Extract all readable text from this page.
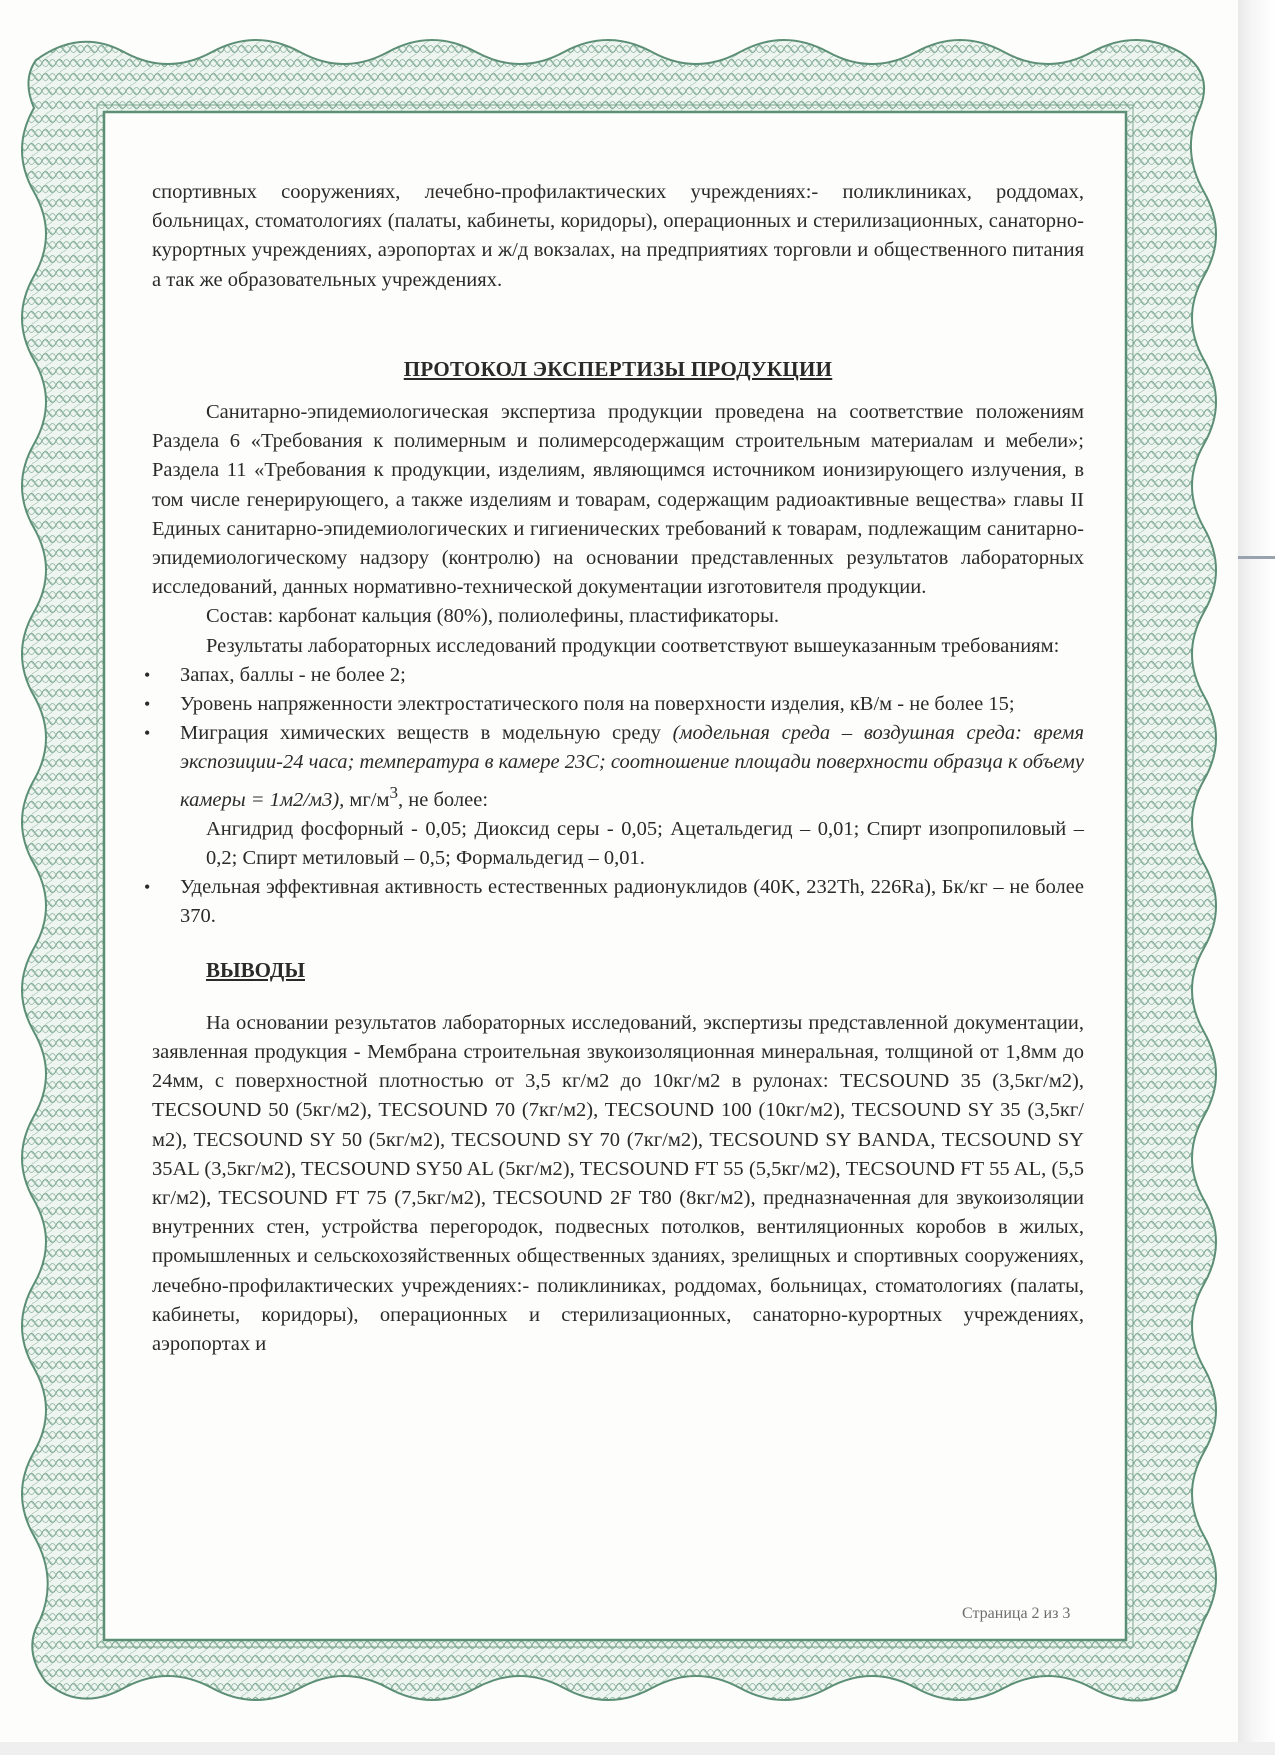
спортивных сооружениях, лечебно-профилактических учреждениях:- поликлиниках, роддомах, больницах, стоматологиях (палаты, кабинеты, коридоры), операционных и стерилизационных, санаторно-курортных учреждениях, аэропортах и ж/д вокзалах, на предприятиях торговли и общественного питания а так же образовательных учреждениях.

ПРОТОКОЛ ЭКСПЕРТИЗЫ ПРОДУКЦИИ

Санитарно-эпидемиологическая экспертиза продукции проведена на соответствие положениям Раздела 6 «Требования к полимерным и полимерсодержащим строительным материалам и мебели»; Раздела 11 «Требования к продукции, изделиям, являющимся источником ионизирующего излучения, в том числе генерирующего, а также изделиям и товарам, содержащим радиоактивные вещества» главы II Единых санитарно-эпидемиологических и гигиенических требований к товарам, подлежащим санитарно-эпидемиологическому надзору (контролю) на основании представленных результатов лабораторных исследований, данных нормативно-технической документации изготовителя продукции.

Состав: карбонат кальция (80%), полиолефины, пластификаторы.

Результаты лабораторных исследований продукции соответствуют вышеуказанным требованиям:

• Запах, баллы - не более 2;
• Уровень напряженности электростатического поля на поверхности изделия, кВ/м - не более 15;
• Миграция химических веществ в модельную среду (модельная среда – воздушная среда: время экспозиции-24 часа; температура в камере 23С; соотношение площади поверхности образца к объему камеры = 1м2/м3), $мг/м^3$, не более:

Ангидрид фосфорный - 0,05; Диоксид серы - 0,05; Ацетальдегид – 0,01; Спирт изопропиловый – 0,2; Спирт метиловый – 0,5; Формальдегид – 0,01.

• Удельная эффективная активность естественных радионуклидов (40K, 232Th, 226Ra), Бк/кг – не более 370.
ВЫВОДЫ

На основании результатов лабораторных исследований, экспертизы представленной документации, заявленная продукция - Мембрана строительная звукоизоляционная минеральная, толщиной от 1,8мм до 24мм, с поверхностной плотностью от 3,5 кг/м2 до 10кг/м2 в рулонах: TECSOUND 35 (3,5кг/м2), TECSOUND 50 (5кг/м2), TECSOUND 70 (7кг/м2), TECSOUND 100 (10кг/м2), TECSOUND SY 35 (3,5кг/м2), TECSOUND SY 50 (5кг/м2), TECSOUND SY 70 (7кг/м2), TECSOUND SY BANDA, TECSOUND SY 35AL (3,5кг/м2), TECSOUND SY50 AL (5кг/м2), TECSOUND FT 55 (5,5кг/м2), TECSOUND FT 55 AL, (5,5 кг/м2), TECSOUND FT 75 (7,5кг/м2), TECSOUND 2F T80 (8кг/м2), предназначенная для звукоизоляции внутренних стен, устройства перегородок, подвесных потолков, вентиляционных коробов в жилых, промышленных и сельскохозяйственных общественных зданиях, зрелищных и спортивных сооружениях, лечебно-профилактических учреждениях:- поликлиниках, роддомах, больницах, стоматологиях (палаты, кабинеты, коридоры), операционных и стерилизационных, санаторно-курортных учреждениях, аэропортах и

Страница 2 из 3
